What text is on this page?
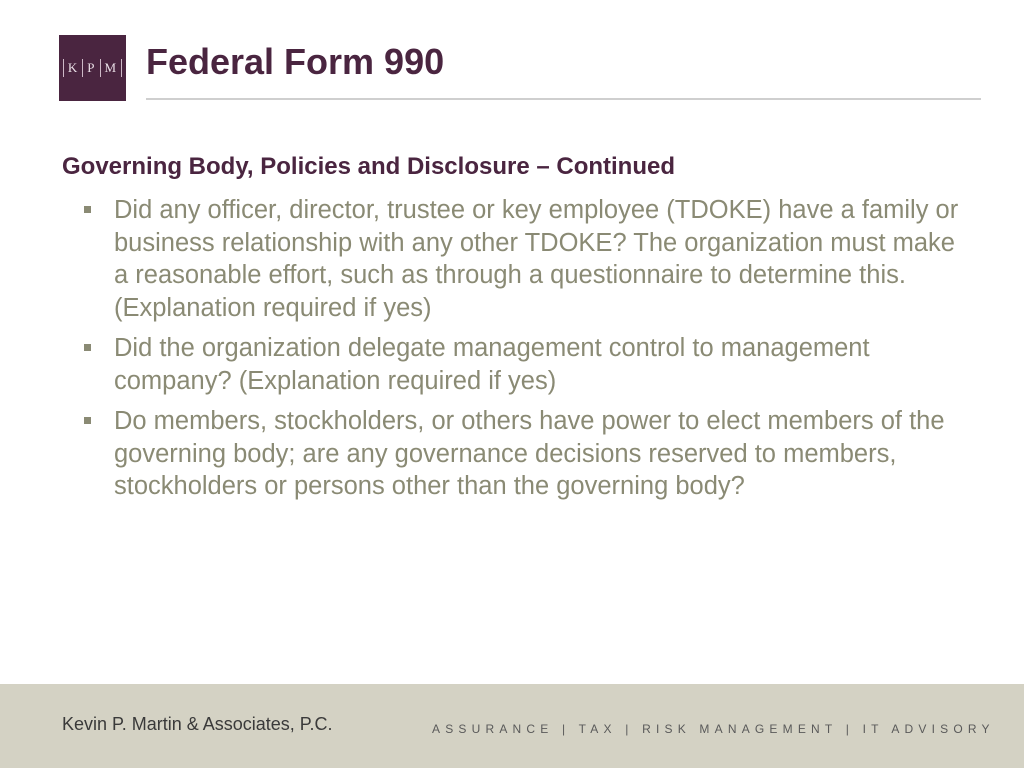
K P M Federal Form 990
Governing Body, Policies and Disclosure – Continued
Did any officer, director, trustee or key employee (TDOKE) have a family or business relationship with any other TDOKE? The organization must make a reasonable effort, such as through a questionnaire to determine this. (Explanation required if yes)
Did the organization delegate management control to management company? (Explanation required if yes)
Do members, stockholders, or others have power to elect members of the governing body; are any governance decisions reserved to members, stockholders or persons other than the governing body?
Kevin P. Martin & Associates, P.C.	ASSURANCE | TAX | RISK MANAGEMENT | IT ADVISORY
